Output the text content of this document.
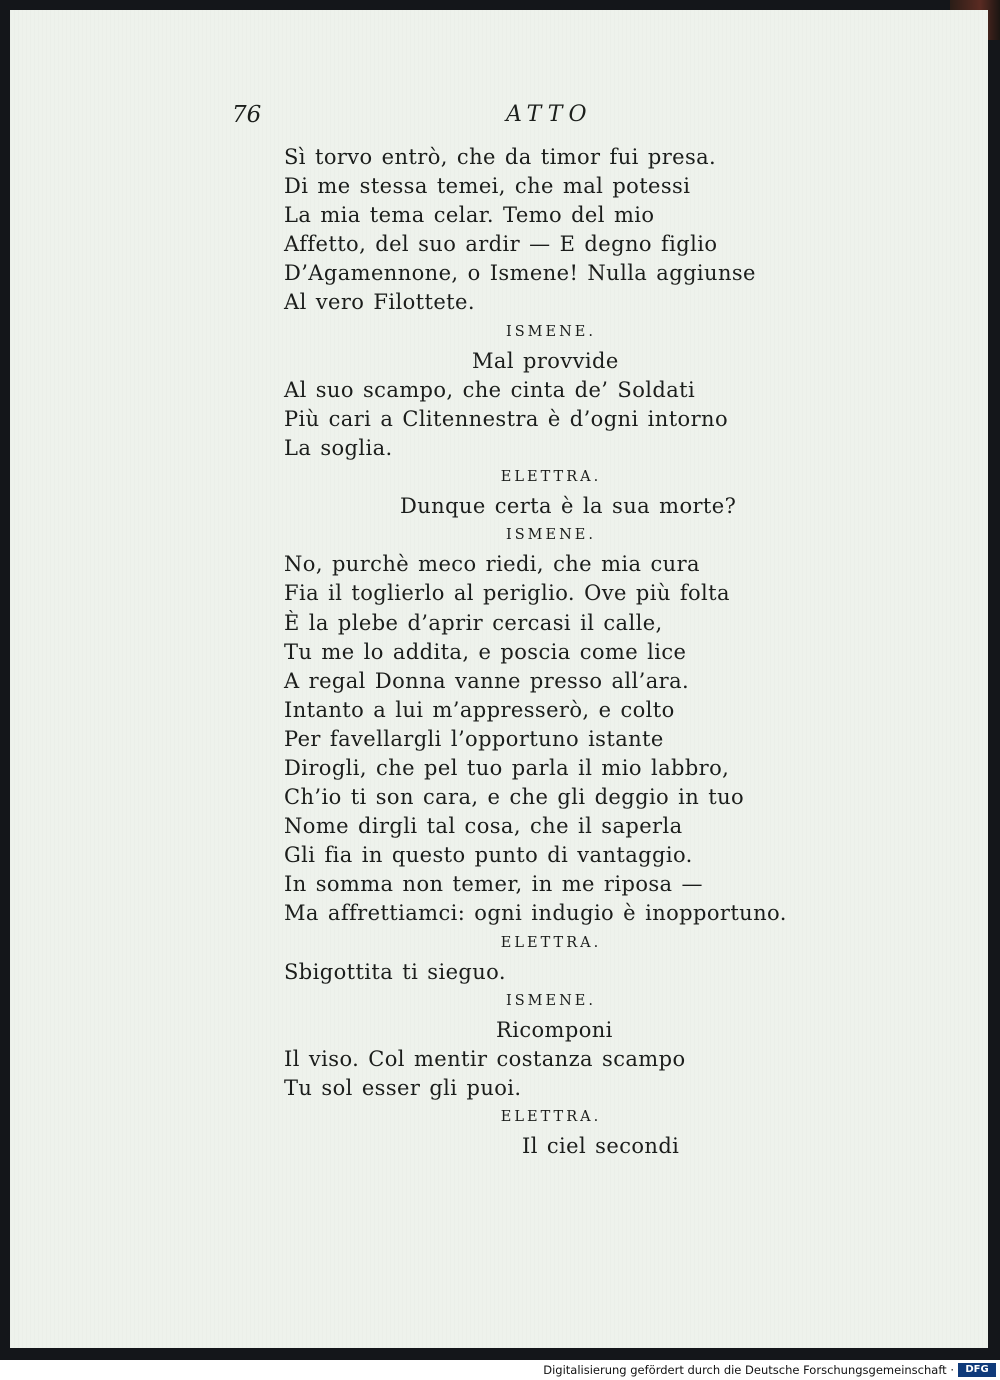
76	ATTO
Sì torvo entrò, che da timor fui presa.
Di me stessa temei, che mal potessi
La mia tema celar. Temo del mio
Affetto, del suo ardir — E degno figlio
D’Agamennone, o Ismene! Nulla aggiunse
Al vero Filottete.
ISMENE.
Mal provvide
Al suo scampo, che cinta de’ Soldati
Più cari a Clitennestra è d’ogni intorno
La soglia.
ELETTRA.
Dunque certa è la sua morte?
ISMENE.
No, purchè meco riedi, che mia cura
Fia il toglierlo al periglio. Ove più folta
È la plebe d’aprir cercasi il calle,
Tu me lo addita, e poscia come lice
A regal Donna vanne presso all’ara.
Intanto a lui m’appresserò, e colto
Per favellargli l’opportuno istante
Dirogli, che pel tuo parla il mio labbro,
Ch’io ti son cara, e che gli deggio in tuo
Nome dirgli tal cosa, che il saperla
Gli fia in questo punto di vantaggio.
In somma non temer, in me riposa —
Ma affrettiamci: ogni indugio è inopportuno.
ELETTRA.
Sbigottita ti sieguo.
ISMENE.
Ricomponi
Il viso. Col mentir costanza scampo
Tu sol esser gli puoi.
ELETTRA.
Il ciel secondi
Digitalisierung gefördert durch die Deutsche Forschungsgemeinschaft ·	DFG
